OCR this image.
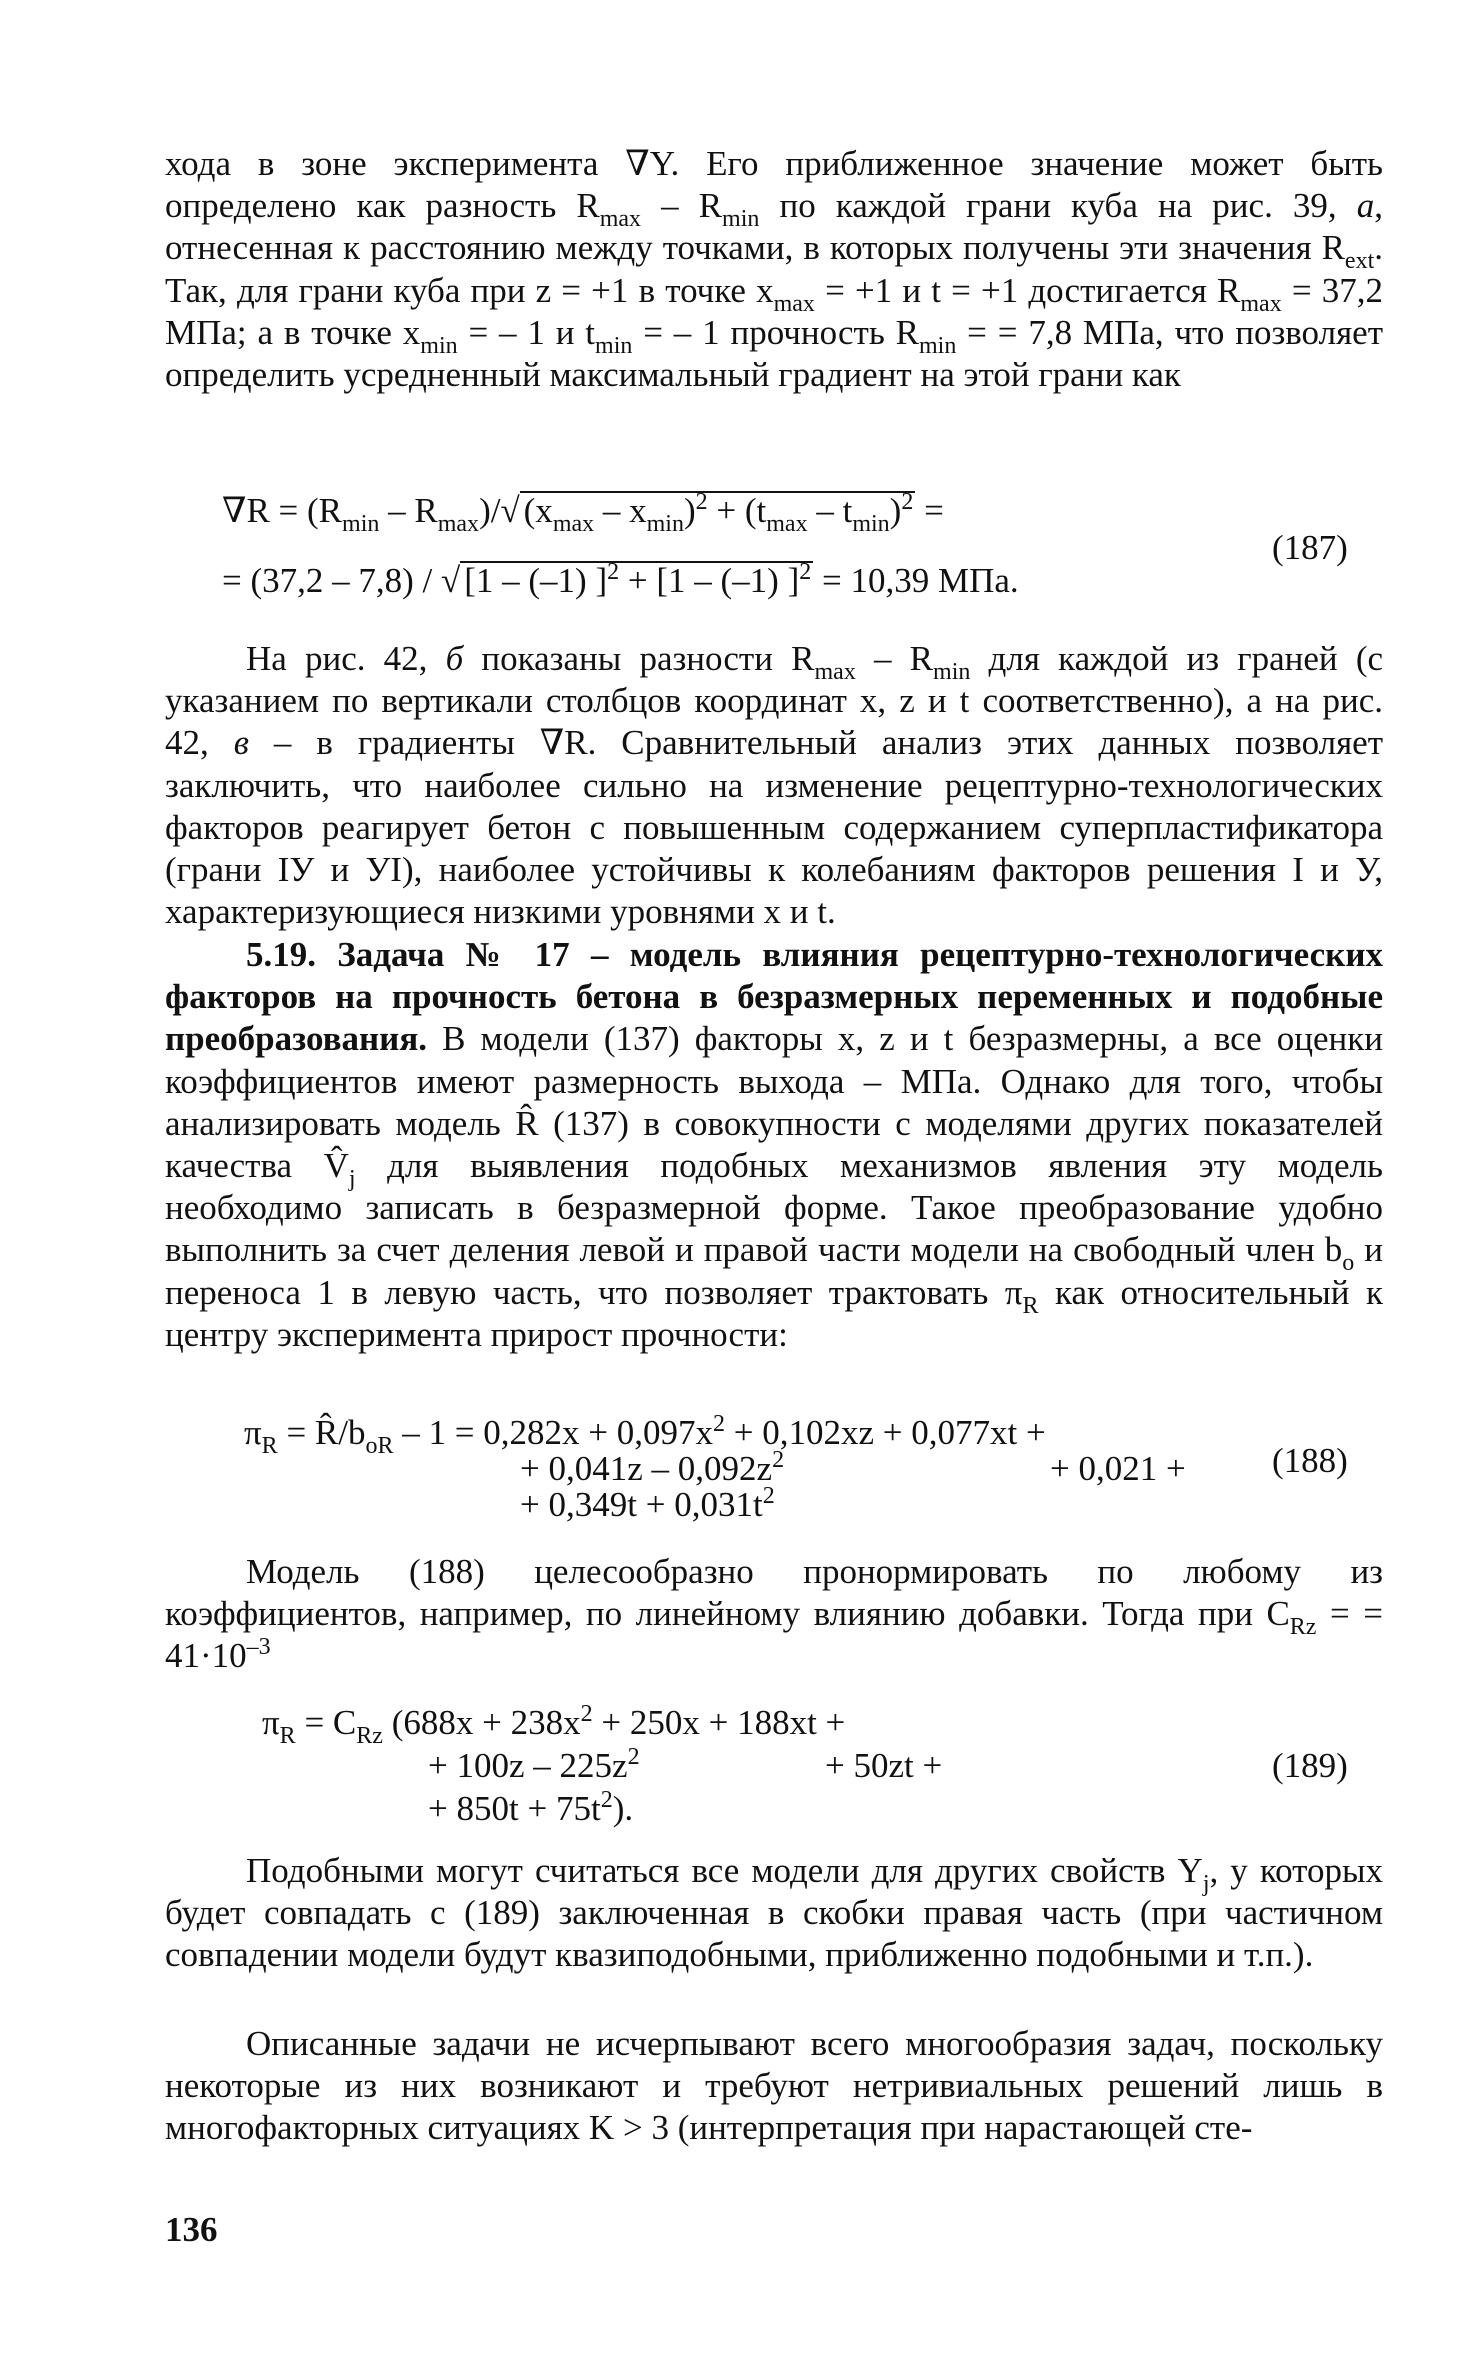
хода в зоне эксперимента ∇Y. Его приближенное значение может быть определено как разность $R_{max} - R_{min}$ по каждой грани куба на рис. 39, а, отнесенная к расстоянию между точками, в которых получены эти значения $R_{ext}$. Так, для грани куба при z = +1 в точке $x_{max} = +1$ и t = +1 достигается $R_{max} = 37,2$ МПа; а в точке $x_{min}$ = – 1 и $t_{min}$ = – 1 прочность $R_{min}$ = = 7,8 МПа, что позволяет определить усредненный максимальный градиент на этой грани как

$\nabla R = (R_{min} - R_{max})/√$ $(x_{max} - x_{min})^2 + (t_{max} - t_{min})^2$ =
= (37,2 – 7,8) / √ [1 – (–1) ]$^2$ + [1 – (–1) ]$^2$ = 10,39 МПа.
(187)

На рис. 42, б показаны разности $R_{max} - R_{min}$ для каждой из граней (с указанием по вертикали столбцов координат x, z и t соответственно), а на рис. 42, в – в градиенты ∇R. Сравнительный анализ этих данных позволяет заключить, что наиболее сильно на изменение рецептурно-технологических факторов реагирует бетон с повышенным содержанием суперпластификатора (грани IУ и УI), наиболее устойчивы к колебаниям факторов решения I и У, характеризующиеся низкими уровнями x и t.

5.19. Задача № 17 – модель влияния рецептурно-технологических факторов на прочность бетона в безразмерных переменных и подобные преобразования. В модели (137) факторы x, z и t безразмерны, а все оценки коэффициентов имеют размерность выхода – МПа. Однако для того, чтобы анализировать модель R̂ (137) в совокупности с моделями других показателей качества $V̂_j$ для выявления подобных механизмов явления эту модель необходимо записать в безразмерной форме. Такое преобразование удобно выполнить за счет деления левой и правой части модели на свободный член $b_o$ и переноса 1 в левую часть, что позволяет трактовать $\pi_R$ как относительный к центру эксперимента прирост прочности:

$\pi_R$ = $R̂/b_{oR} - 1 = 0,282x + 0,097x^2 + 0,102xz + 0,077xt$ +
+ $0,041z - 0,092z^2$	+ 0,021 +
+ $0,349t + 0,031t^2$
(188)

Модель (188) целесообразно пронормировать по любому из коэффициентов, например, по линейному влиянию добавки. Тогда при $C_{Rz}$ = = $41\cdot 10^{-3}$

$\pi_R = C_{Rz}$ ($688x + 238x^2 + 250x + 188xt$ +
+ $100z - 225z^2$	+ 50zt +
+ $850t + 75t^2$).
(189)

Подобными могут считаться все модели для других свойств $Y_j$, у которых будет совпадать с (189) заключенная в скобки правая часть (при частичном совпадении модели будут квазиподобными, приближенно подобными и т.п.).

Описанные задачи не исчерпывают всего многообразия задач, поскольку некоторые из них возникают и требуют нетривиальных решений лишь в многофакторных ситуациях K > 3 (интерпретация при нарастающей сте-

136
